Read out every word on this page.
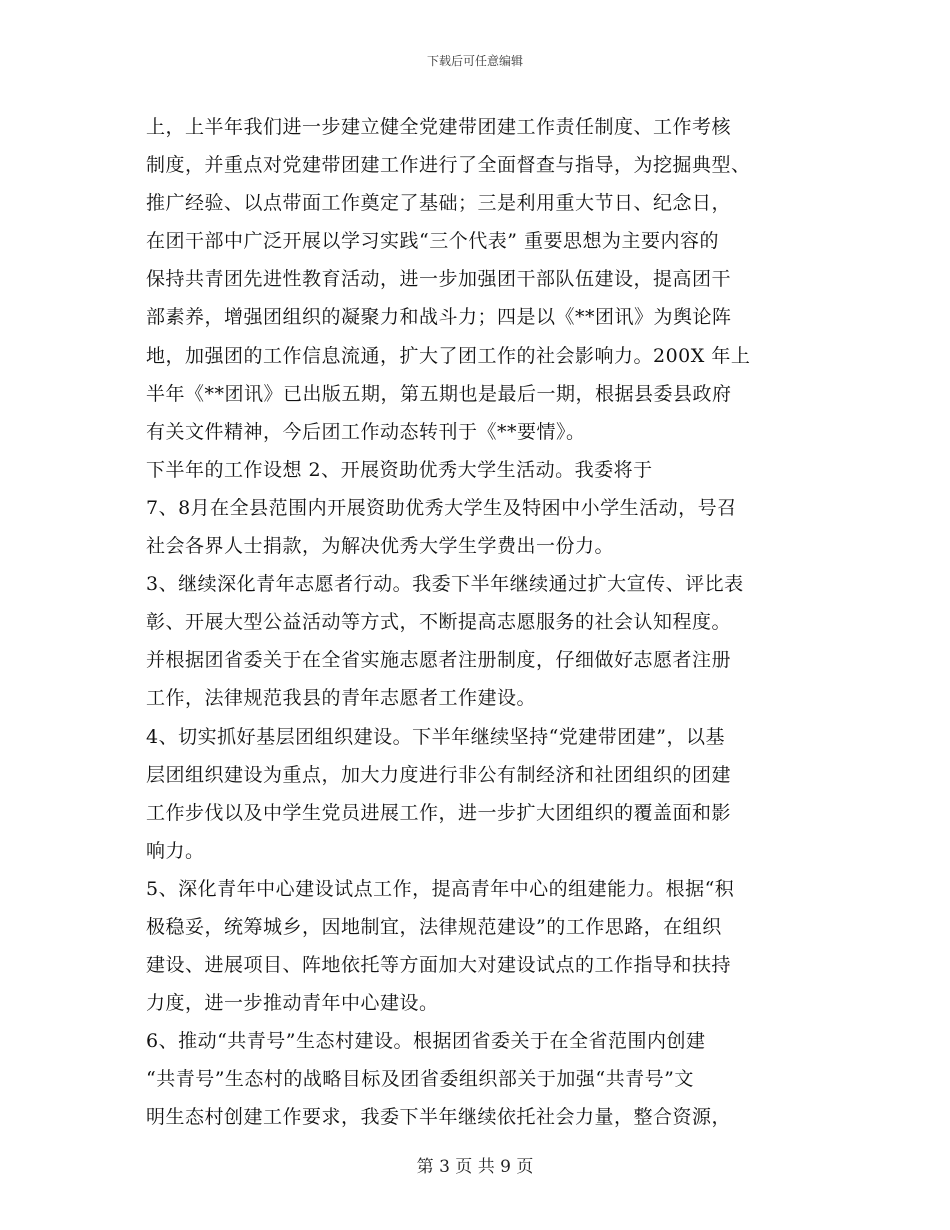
下载后可任意编辑
上，上半年我们进一步建立健全党建带团建工作责任制度、工作考核
制度，并重点对党建带团建工作进行了全面督查与指导，为挖掘典型、
推广经验、以点带面工作奠定了基础；三是利用重大节日、纪念日，
在团干部中广泛开展以学习实践“三个代表” 重要思想为主要内容的
保持共青团先进性教育活动，进一步加强团干部队伍建设，提高团干
部素养，增强团组织的凝聚力和战斗力；四是以《**团讯》为舆论阵
地，加强团的工作信息流通，扩大了团工作的社会影响力。200X 年上
半年《**团讯》已出版五期，第五期也是最后一期，根据县委县政府
有关文件精神，今后团工作动态转刊于《**要情》。
下半年的工作设想 2、开展资助优秀大学生活动。我委将于
7、8月在全县范围内开展资助优秀大学生及特困中小学生活动，号召
社会各界人士捐款，为解决优秀大学生学费出一份力。
3、继续深化青年志愿者行动。我委下半年继续通过扩大宣传、评比表
彰、开展大型公益活动等方式，不断提高志愿服务的社会认知程度。
并根据团省委关于在全省实施志愿者注册制度，仔细做好志愿者注册
工作，法律规范我县的青年志愿者工作建设。
4、切实抓好基层团组织建设。下半年继续坚持“党建带团建”，以基
层团组织建设为重点，加大力度进行非公有制经济和社团组织的团建
工作步伐以及中学生党员进展工作，进一步扩大团组织的覆盖面和影
响力。
5、深化青年中心建设试点工作，提高青年中心的组建能力。根据“积
极稳妥，统筹城乡，因地制宜，法律规范建设”的工作思路，在组织
建设、进展项目、阵地依托等方面加大对建设试点的工作指导和扶持
力度，进一步推动青年中心建设。
6、推动“共青号”生态村建设。根据团省委关于在全省范围内创建
“共青号”生态村的战略目标及团省委组织部关于加强“共青号”文
明生态村创建工作要求，我委下半年继续依托社会力量，整合资源，
第 3 页 共 9 页
